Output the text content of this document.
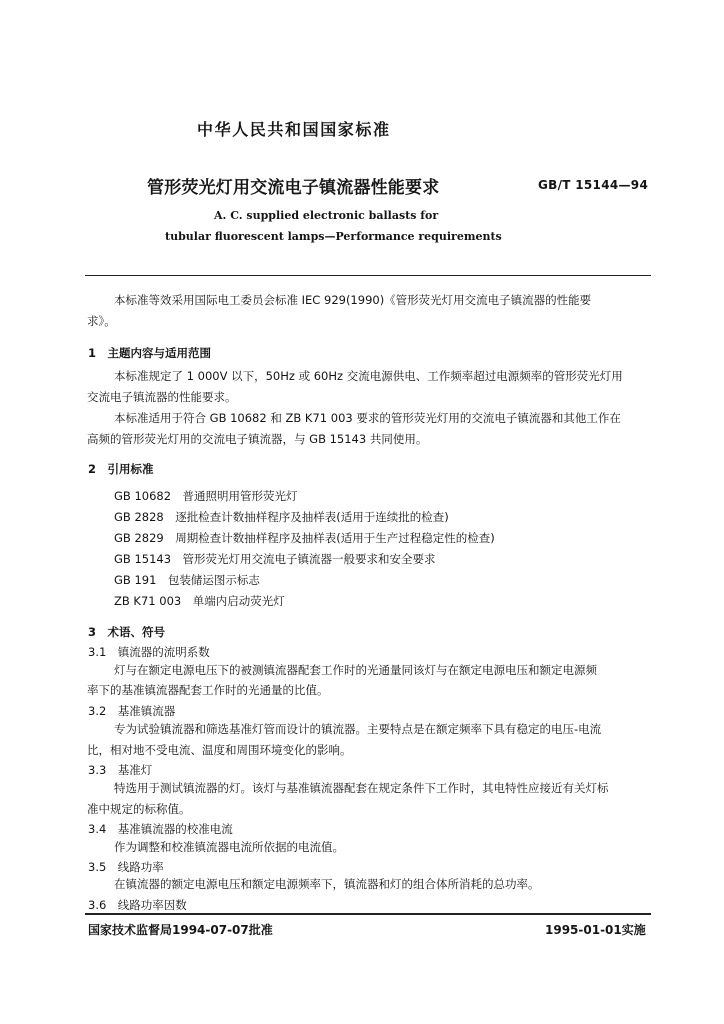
中华人民共和国国家标准
管形荧光灯用交流电子镇流器性能要求	GB/T 15144—94
A. C. supplied electronic ballasts for
tubular fluorescent lamps—Performance requirements
本标准等效采用国际电工委员会标准 IEC 929(1990)《管形荧光灯用交流电子镇流器的性能要
求》。
1　主题内容与适用范围
本标准规定了 1 000V 以下，50Hz 或 60Hz 交流电源供电、工作频率超过电源频率的管形荧光灯用
交流电子镇流器的性能要求。
本标准适用于符合 GB 10682 和 ZB K71 003 要求的管形荧光灯用的交流电子镇流器和其他工作在
高频的管形荧光灯用的交流电子镇流器，与 GB 15143 共同使用。
2　引用标准
GB 10682　普通照明用管形荧光灯
GB 2828　逐批检查计数抽样程序及抽样表(适用于连续批的检查)
GB 2829　周期检查计数抽样程序及抽样表(适用于生产过程稳定性的检查)
GB 15143　管形荧光灯用交流电子镇流器一般要求和安全要求
GB 191　包装储运图示标志
ZB K71 003　单端内启动荧光灯
3　术语、符号
3.1　镇流器的流明系数
灯与在额定电源电压下的被测镇流器配套工作时的光通量同该灯与在额定电源电压和额定电源频
率下的基准镇流器配套工作时的光通量的比值。
3.2　基准镇流器
专为试验镇流器和筛选基准灯管而设计的镇流器。主要特点是在额定频率下具有稳定的电压-电流
比，相对地不受电流、温度和周围环境变化的影响。
3.3　基准灯
特选用于测试镇流器的灯。该灯与基准镇流器配套在规定条件下工作时，其电特性应接近有关灯标
准中规定的标称值。
3.4　基准镇流器的校准电流
作为调整和校准镇流器电流所依据的电流值。
3.5　线路功率
在镇流器的额定电源电压和额定电源频率下，镇流器和灯的组合体所消耗的总功率。
3.6　线路功率因数
国家技术监督局1994-07-07批准	1995-01-01实施
